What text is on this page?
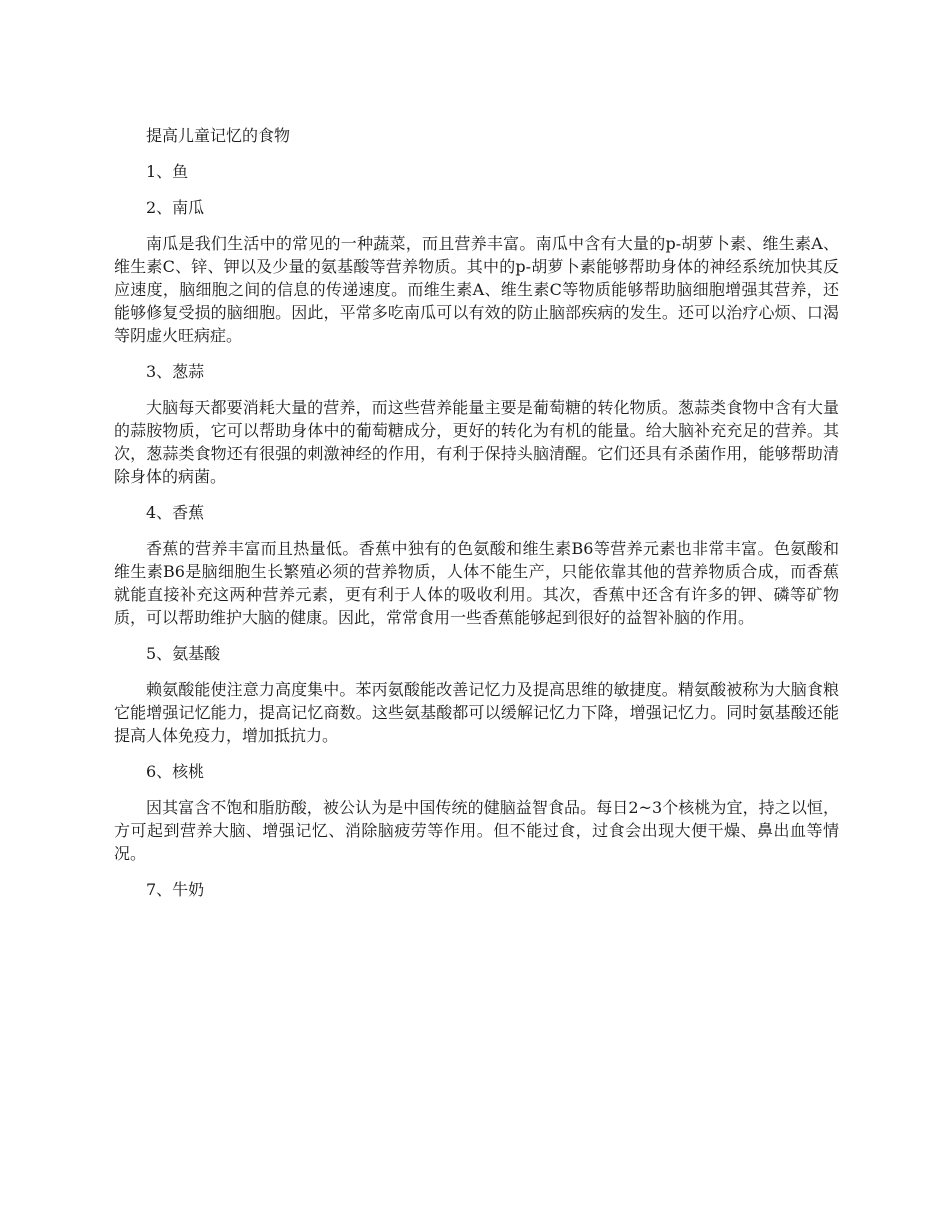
提高儿童记忆的食物

1、鱼

2、南瓜

南瓜是我们生活中的常见的一种蔬菜，而且营养丰富。南瓜中含有大量的p-胡萝卜素、维生素A、维生素C、锌、钾以及少量的氨基酸等营养物质。其中的p-胡萝卜素能够帮助身体的神经系统加快其反应速度，脑细胞之间的信息的传递速度。而维生素A、维生素C等物质能够帮助脑细胞增强其营养，还能够修复受损的脑细胞。因此，平常多吃南瓜可以有效的防止脑部疾病的发生。还可以治疗心烦、口渴等阴虚火旺病症。

3、葱蒜

大脑每天都要消耗大量的营养，而这些营养能量主要是葡萄糖的转化物质。葱蒜类食物中含有大量的蒜胺物质，它可以帮助身体中的葡萄糖成分，更好的转化为有机的能量。给大脑补充充足的营养。其次，葱蒜类食物还有很强的刺激神经的作用，有利于保持头脑清醒。它们还具有杀菌作用，能够帮助清除身体的病菌。

4、香蕉

香蕉的营养丰富而且热量低。香蕉中独有的色氨酸和维生素B6等营养元素也非常丰富。色氨酸和维生素B6是脑细胞生长繁殖必须的营养物质，人体不能生产，只能依靠其他的营养物质合成，而香蕉就能直接补充这两种营养元素，更有利于人体的吸收利用。其次，香蕉中还含有许多的钾、磷等矿物质，可以帮助维护大脑的健康。因此，常常食用一些香蕉能够起到很好的益智补脑的作用。

5、氨基酸

赖氨酸能使注意力高度集中。苯丙氨酸能改善记忆力及提高思维的敏捷度。精氨酸被称为大脑食粮它能增强记忆能力，提高记忆商数。这些氨基酸都可以缓解记忆力下降，增强记忆力。同时氨基酸还能提高人体免疫力，增加抵抗力。

6、核桃

因其富含不饱和脂肪酸，被公认为是中国传统的健脑益智食品。每日2~3个核桃为宜，持之以恒，方可起到营养大脑、增强记忆、消除脑疲劳等作用。但不能过食，过食会出现大便干燥、鼻出血等情况。

7、牛奶
